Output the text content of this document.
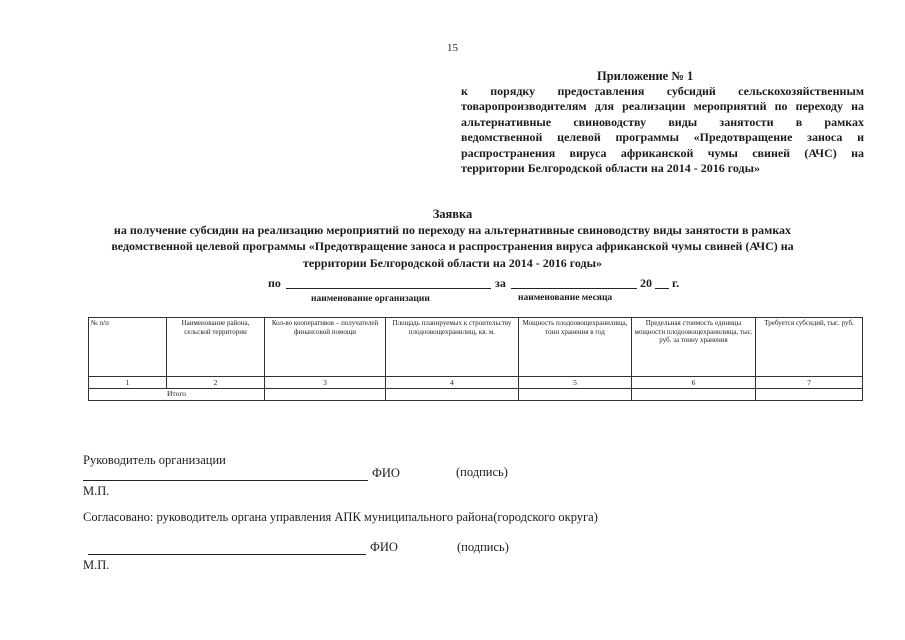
15
Приложение № 1
к порядку предоставления субсидий сельскохозяйственным
товаропроизводителям для реализации мероприятий по переходу на
альтернативные свиноводству виды занятости в рамках
ведомственной целевой программы «Предотвращение заноса и
распространения вируса африканской чумы свиней (АЧС) на
территории Белгородской области на 2014 - 2016 годы»
Заявка
на получение субсидии на реализацию мероприятий по переходу на альтернативные свиноводству виды занятости в рамках
ведомственной целевой программы «Предотвращение заноса и распространения вируса африканской чумы свиней (АЧС) на
территории Белгородской области на 2014 - 2016 годы»
по	за	20 г.
наименование организации	наименование месяца
№ п/п	Наименование района, сельской территории	Кол-во кооперативов – получателей финансовой помощи	Площадь планируемых к строительству плодоовощехранилищ, кв. м.	Мощность плодоовощехранилища, тонн хранения в год	Предельная стоимость единицы мощности плодоовощехранилища, тыс. руб. за тонну хранения	Требуется субсидий, тыс. руб.
1	2	3	4	5	6	7
Итого						
Руководитель организации
ФИО	(подпись)
М.П.
Согласовано: руководитель органа управления АПК муниципального района(городского округа)
ФИО	(подпись)
М.П.
